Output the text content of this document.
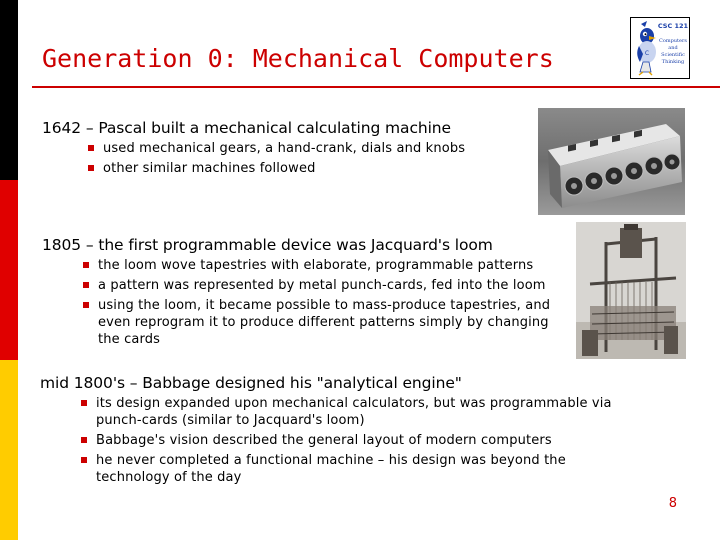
Generation 0: Mechanical Computers	C
CSC 121
Computers
and
Scientific
Thinking
1642 – Pascal built a mechanical calculating machine
used mechanical gears, a hand-crank, dials and knobs
other similar machines followed
1805 – the first programmable device was Jacquard's loom
the loom wove tapestries with elaborate, programmable patterns
a pattern was represented by metal punch-cards, fed into the loom
using the loom, it became possible to mass-produce tapestries, and even reprogram it to produce different patterns simply by changing the cards
mid 1800's – Babbage designed his "analytical engine"
its design expanded upon mechanical calculators, but was programmable via punch-cards (similar to Jacquard's loom)
Babbage's vision described the general layout of modern computers
he never completed a functional machine – his design was beyond the technology of the day
8
